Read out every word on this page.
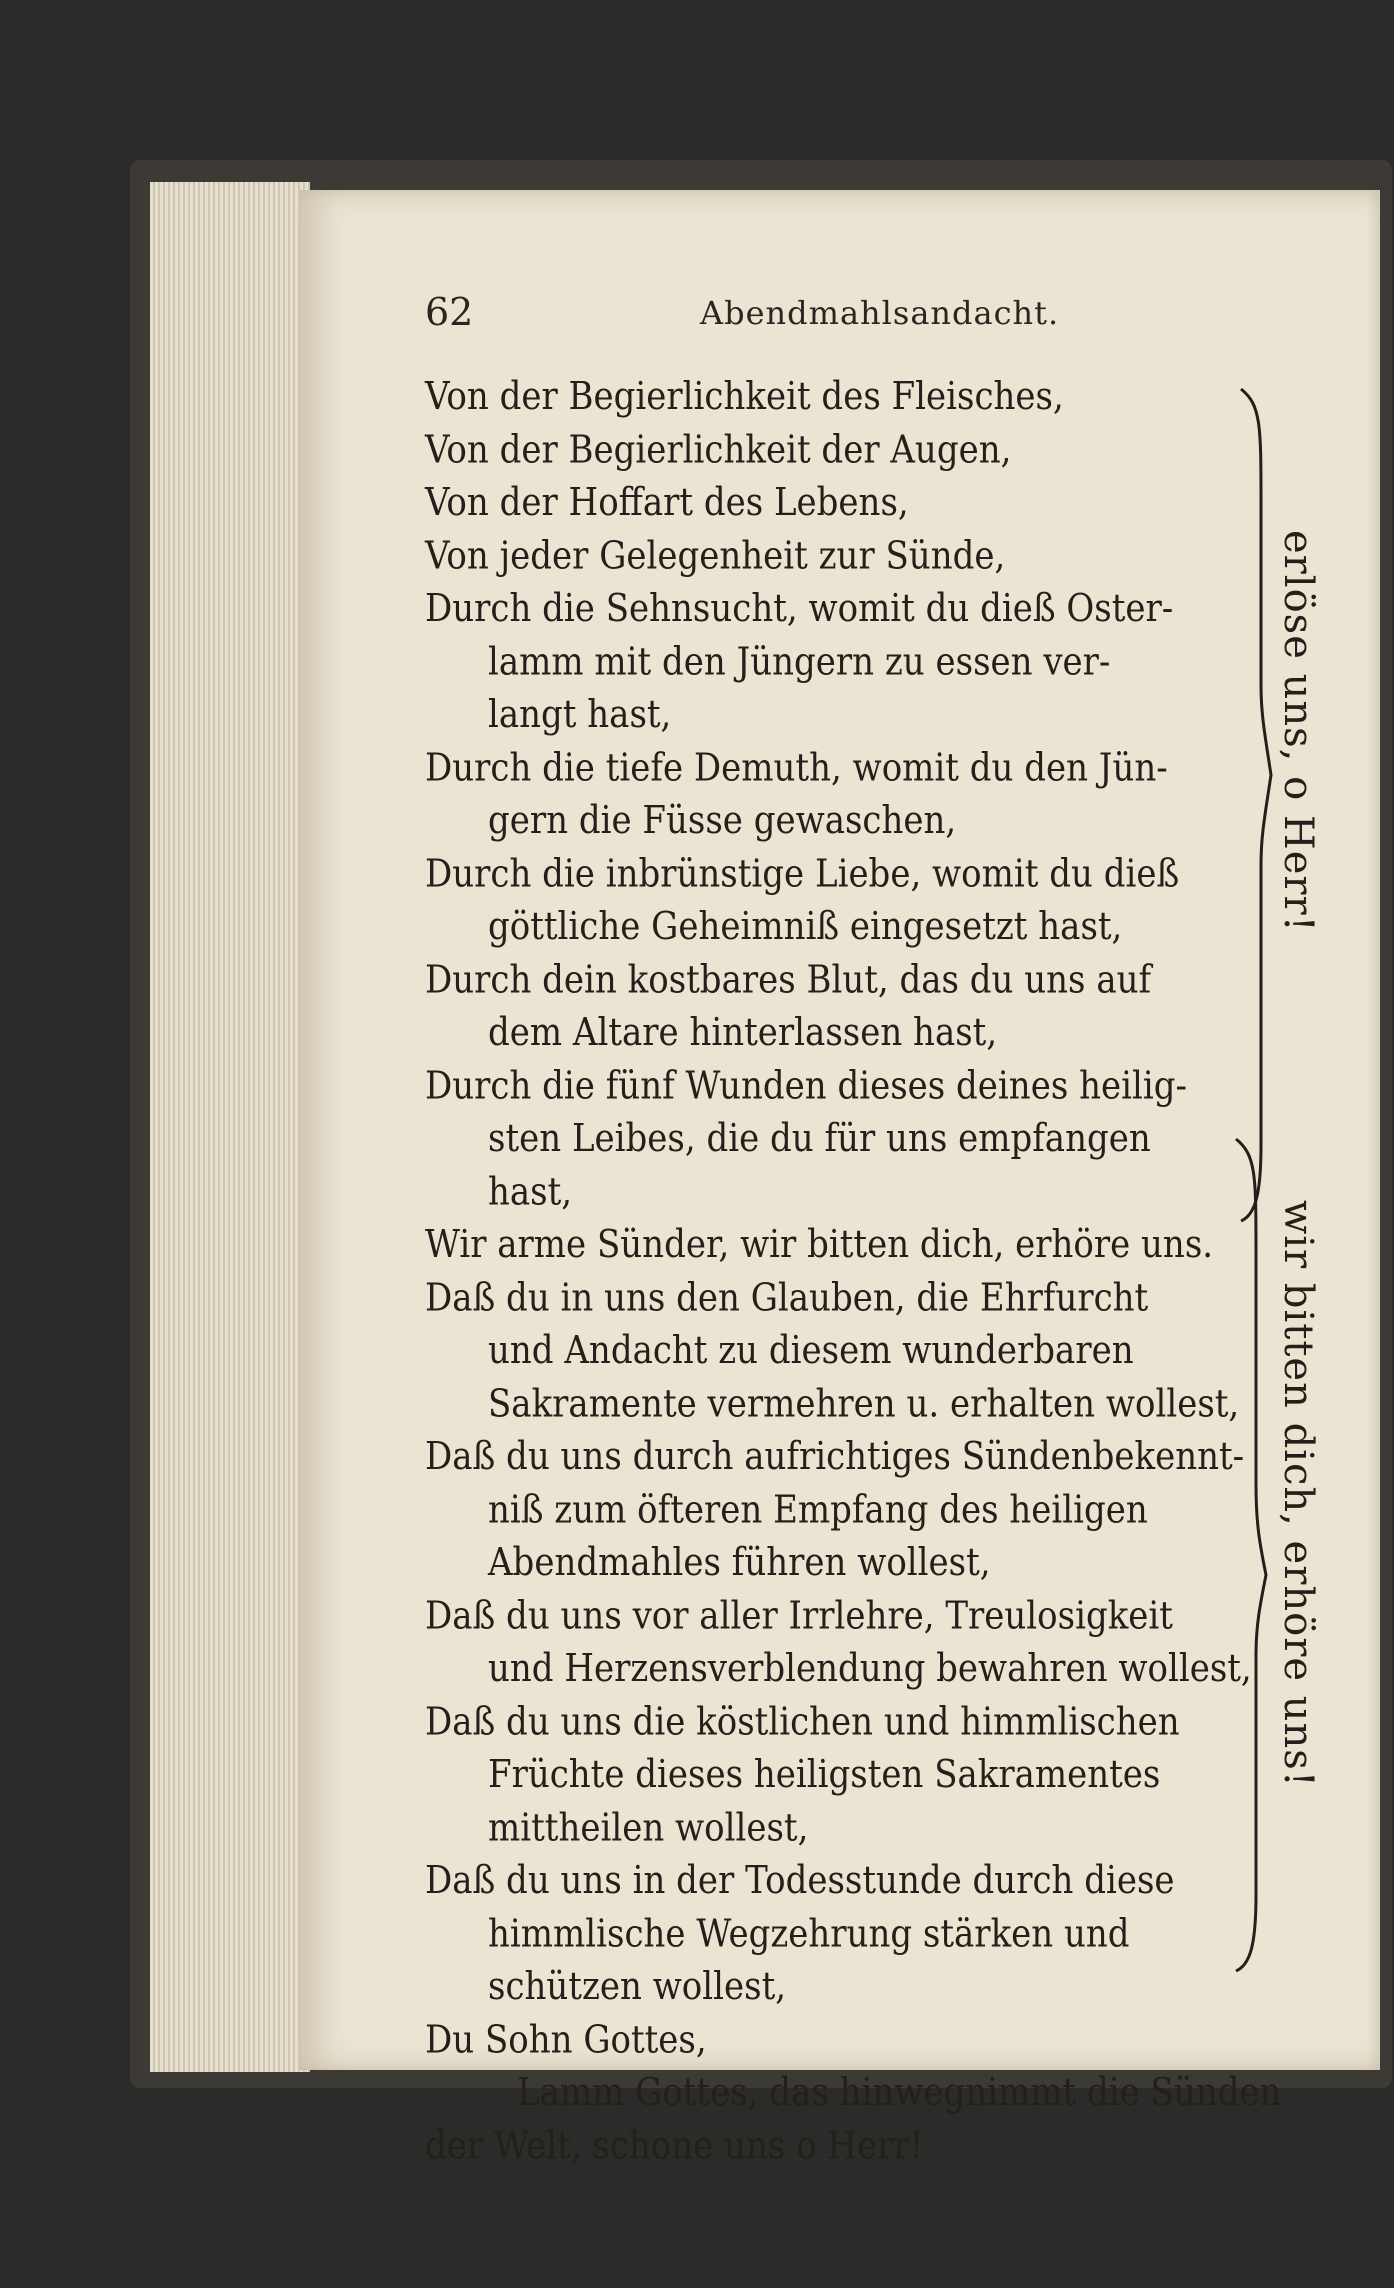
62	Abendmahlsandacht.
Von der Begierlichkeit des Fleisches,
Von der Begierlichkeit der Augen,
Von der Hoffart des Lebens,
Von jeder Gelegenheit zur Sünde,
Durch die Sehnsucht, womit du dieß Oster-
lamm mit den Jüngern zu essen ver-
langt hast,
Durch die tiefe Demuth, womit du den Jün-
gern die Füsse gewaschen,
Durch die inbrünstige Liebe, womit du dieß
göttliche Geheimniß eingesetzt hast,
Durch dein kostbares Blut, das du uns auf
dem Altare hinterlassen hast,
Durch die fünf Wunden dieses deines heilig-
sten Leibes, die du für uns empfangen
hast,
Wir arme Sünder, wir bitten dich, erhöre uns.
Daß du in uns den Glauben, die Ehrfurcht
und Andacht zu diesem wunderbaren
Sakramente vermehren u. erhalten wollest,
Daß du uns durch aufrichtiges Sündenbekennt-
niß zum öfteren Empfang des heiligen
Abendmahles führen wollest,
Daß du uns vor aller Irrlehre, Treulosigkeit
und Herzensverblendung bewahren wollest,
Daß du uns die köstlichen und himmlischen
Früchte dieses heiligsten Sakramentes
mittheilen wollest,
Daß du uns in der Todesstunde durch diese
himmlische Wegzehrung stärken und
schützen wollest,
Du Sohn Gottes,
Lamm Gottes, das hinwegnimmt die Sünden
der Welt, schone uns o Herr!
erlöse uns, o Herr!
wir bitten dich, erhöre uns!
